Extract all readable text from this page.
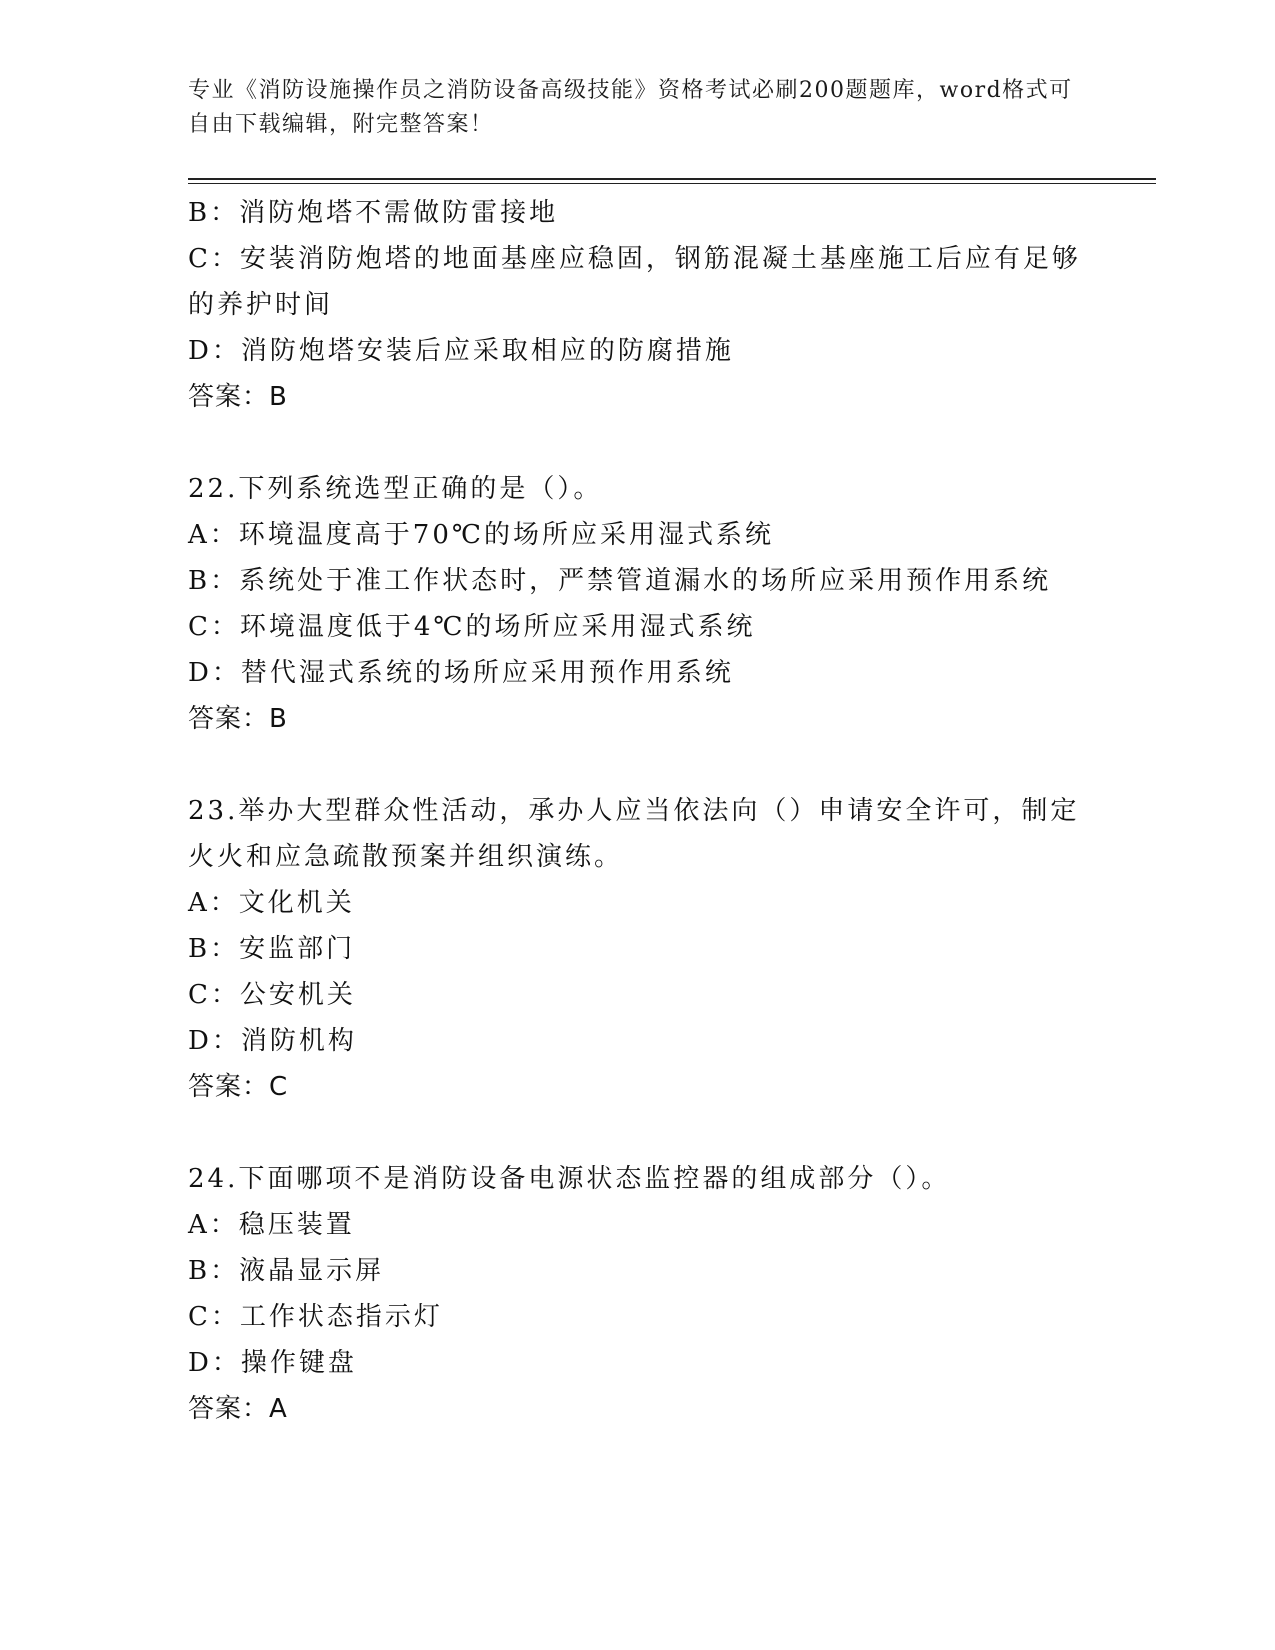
专业《消防设施操作员之消防设备高级技能》资格考试必刷200题题库，word格式可自由下载编辑，附完整答案！

B：消防炮塔不需做防雷接地

C：安装消防炮塔的地面基座应稳固，钢筋混凝土基座施工后应有足够的养护时间

D：消防炮塔安装后应采取相应的防腐措施

答案：B

22.下列系统选型正确的是（）。

A：环境温度高于70℃的场所应采用湿式系统

B：系统处于准工作状态时，严禁管道漏水的场所应采用预作用系统

C：环境温度低于4℃的场所应采用湿式系统

D：替代湿式系统的场所应采用预作用系统

答案：B

23.举办大型群众性活动，承办人应当依法向（）申请安全许可，制定火火和应急疏散预案并组织演练。

A：文化机关

B：安监部门

C：公安机关

D：消防机构

答案：C

24.下面哪项不是消防设备电源状态监控器的组成部分（）。

A：稳压装置

B：液晶显示屏

C：工作状态指示灯

D：操作键盘

答案：A
